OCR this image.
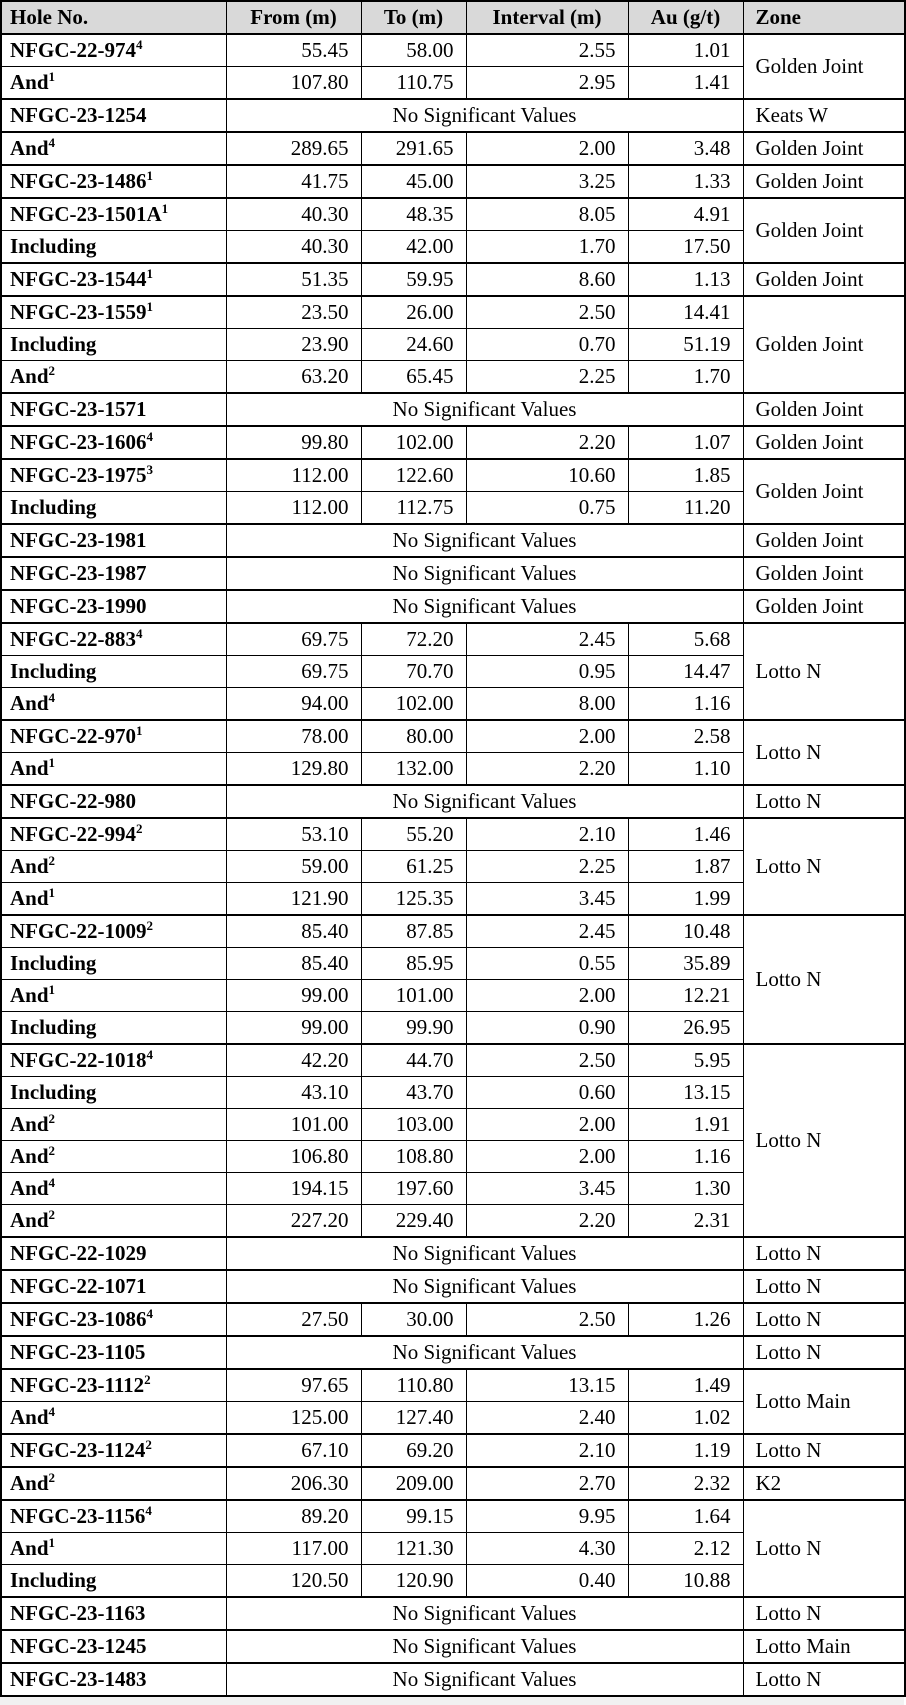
Hole No.	From (m)	To (m)	Interval (m)	Au (g/t)	Zone
NFGC-$22-974^4$	55.45	58.00	2.55	1.01	Golden Joint
And$^1$	107.80	110.75	2.95	1.41	
NFGC-23-1254	No Significant Values				Keats W
And$^4$	289.65	291.65	2.00	3.48	Golden Joint
NFGC-23-1486$^1$	41.75	45.00	3.25	1.33	Golden Joint
NFGC-$23-1501A^1$	40.30	48.35	8.05	4.91	Golden Joint
Including	40.30	42.00	1.70	17.50	
NFGC-23-1544$^1$	51.35	59.95	8.60	1.13	Golden Joint
NFGC-23-1559$^1$	23.50	26.00	2.50	14.41	Golden Joint
Including	23.90	24.60	0.70	51.19	
And$^2$	63.20	65.45	2.25	1.70	
NFGC-23-1571	No Significant Values				Golden Joint
NFGC-23-1606$^4$	99.80	102.00	2.20	1.07	Golden Joint
NFGC-23-1975$^3$	112.00	122.60	10.60	1.85	Golden Joint
Including	112.00	112.75	0.75	11.20	
NFGC-23-1981	No Significant Values				Golden Joint
NFGC-23-1987	No Significant Values				Golden Joint
NFGC-23-1990	No Significant Values				Golden Joint
NFGC-$22-883^4$	69.75	72.20	2.45	5.68	Lotto N
Including	69.75	70.70	0.95	14.47	
And$^4$	94.00	102.00	8.00	1.16	
NFGC-$22-970^1$	78.00	80.00	2.00	2.58	Lotto N
And$^1$	129.80	132.00	2.20	1.10	
NFGC-22-980	No Significant Values				Lotto N
NFGC-$22-994^2$	53.10	55.20	2.10	1.46	Lotto N
And$^2$	59.00	61.25	2.25	1.87	
And$^1$	121.90	125.35	3.45	1.99	
NFGC-22-1009$^2$	85.40	87.85	2.45	10.48	Lotto N
Including	85.40	85.95	0.55	35.89	
And$^1$	99.00	101.00	2.00	12.21	
Including	99.00	99.90	0.90	26.95	
NFGC-22-1018$^4$	42.20	44.70	2.50	5.95	Lotto N
Including	43.10	43.70	0.60	13.15	
And$^2$	101.00	103.00	2.00	1.91	
And$^2$	106.80	108.80	2.00	1.16	
And$^4$	194.15	197.60	3.45	1.30	
And$^2$	227.20	229.40	2.20	2.31	
NFGC-22-1029	No Significant Values				Lotto N
NFGC-22-1071	No Significant Values				Lotto N
NFGC-23-1086$^4$	27.50	30.00	2.50	1.26	Lotto N
NFGC-23-1105	No Significant Values				Lotto N
NFGC-23-1112$^2$	97.65	110.80	13.15	1.49	Lotto Main
And$^4$	125.00	127.40	2.40	1.02	
NFGC-23-1124$^2$	67.10	69.20	2.10	1.19	Lotto N
And$^2$	206.30	209.00	2.70	2.32	K2
NFGC-23-1156$^4$	89.20	99.15	9.95	1.64	Lotto N
And$^1$	117.00	121.30	4.30	2.12	
Including	120.50	120.90	0.40	10.88	
NFGC-23-1163	No Significant Values				Lotto N
NFGC-23-1245	No Significant Values				Lotto Main
NFGC-23-1483	No Significant Values				Lotto N
